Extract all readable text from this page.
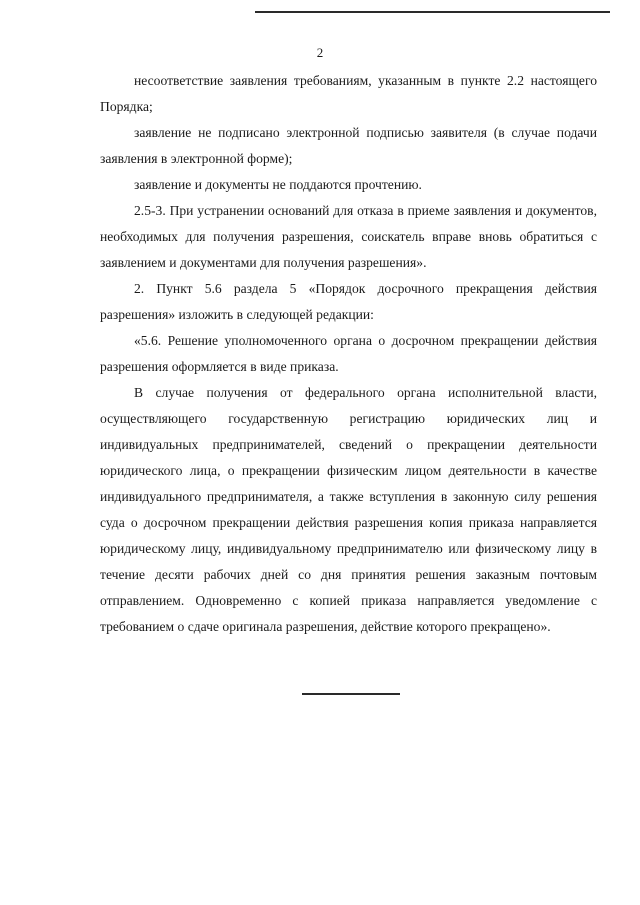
2

несоответствие заявления требованиям, указанным в пункте 2.2 настоящего Порядка;

заявление не подписано электронной подписью заявителя (в случае подачи заявления в электронной форме);

заявление и документы не поддаются прочтению.

2.5-3. При устранении оснований для отказа в приеме заявления и документов, необходимых для получения разрешения, соискатель вправе вновь обратиться с заявлением и документами для получения разрешения».

2. Пункт 5.6 раздела 5 «Порядок досрочного прекращения действия разрешения» изложить в следующей редакции:

«5.6. Решение уполномоченного органа о досрочном прекращении действия разрешения оформляется в виде приказа.

В случае получения от федерального органа исполнительной власти, осуществляющего государственную регистрацию юридических лиц и индивидуальных предпринимателей, сведений о прекращении деятельности юридического лица, о прекращении физическим лицом деятельности в качестве индивидуального предпринимателя, а также вступления в законную силу решения суда о досрочном прекращении действия разрешения копия приказа направляется юридическому лицу, индивидуальному предпринимателю или физическому лицу в течение десяти рабочих дней со дня принятия решения заказным почтовым отправлением. Одновременно с копией приказа направляется уведомление с требованием о сдаче оригинала разрешения, действие которого прекращено».
